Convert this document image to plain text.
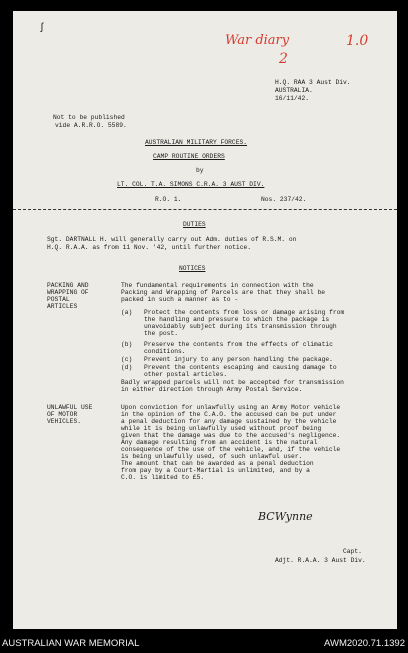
ʃ
War diary
2
1.0
H.Q. RAA 3 Aust Div.
AUSTRALIA.
16/11/42.
Not to be published
vide A.R.R.O. 5589.
AUSTRALIAN MILITARY FORCES.
CAMP ROUTINE ORDERS
by
LT. COL. T.A. SIMONS C.R.A. 3 AUST DIV.
R.O. 1.	Nos. 237/42.
DUTIES
Sgt. DARTNALL H. will generally carry out Adm. duties of R.S.M. on
H.Q. R.A.A. as from 11 Nov. '42, until further notice.
NOTICES
PACKING AND
WRAPPING OF
POSTAL
ARTICLES
The fundamental requirements in connection with the
Packing and Wrapping of Parcels are that they shall be
packed in such a manner as to -
(a) Protect the contents from loss or damage arising from
the handling and pressure to which the package is
unavoidably subject during its transmission through
the post.
(b) Preserve the contents from the effects of climatic
conditions.
(c) Prevent injury to any person handling the package.
(d) Prevent the contents escaping and causing damage to
other postal articles.
Badly wrapped parcels will not be accepted for transmission
in either direction through Army Postal Service.
UNLAWFUL USE
OF MOTOR
VEHICLES.
Upon conviction for unlawfully using an Army Motor vehicle
in the opinion of the C.A.O. the accused can be put under
a penal deduction for any damage sustained by the vehicle
while it is being unlawfully used without proof being
given that the damage was due to the accused's negligence.
Any damage resulting from an accident is the natural
consequence of the use of the vehicle, and, if the vehicle
is being unlawfully used, of such unlawful user.
The amount that can be awarded as a penal deduction
from pay by a Court-Martial is unlimited, and by a
C.O. is limited to £5.
BCWynne
Capt.
Adjt. R.A.A. 3 Aust Div.
AUSTRALIAN WAR MEMORIAL	AWM2020.71.1392
